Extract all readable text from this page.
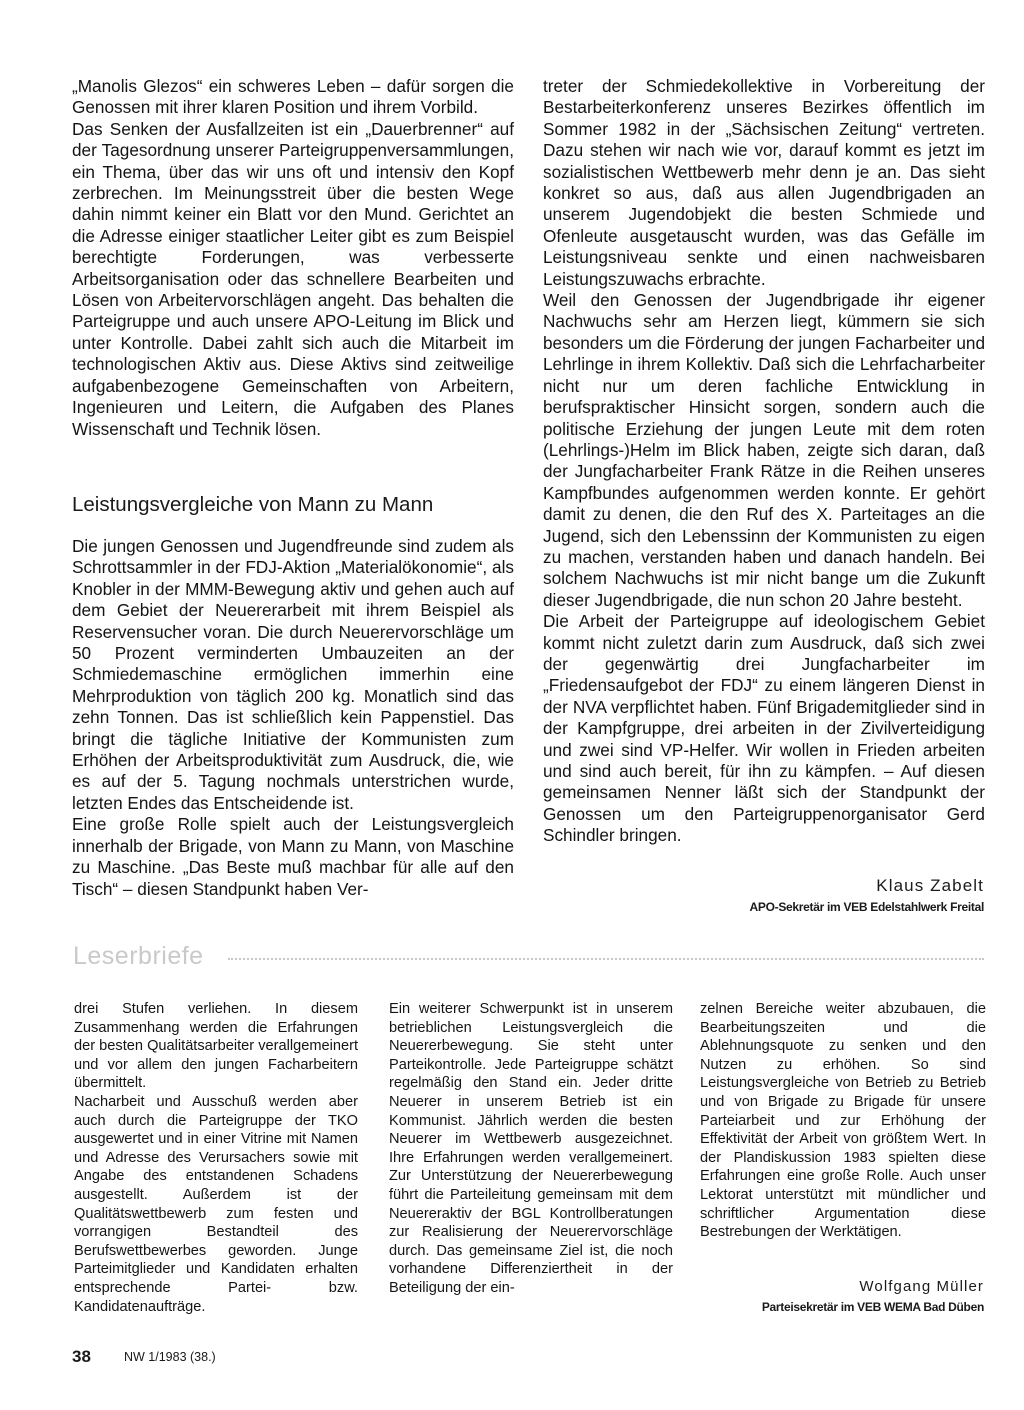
„Manolis Glezos“ ein schweres Leben – dafür sorgen die Genossen mit ihrer klaren Position und ihrem Vorbild.
Das Senken der Ausfallzeiten ist ein „Dauerbrenner“ auf der Tagesordnung unserer Parteigruppenversammlungen, ein Thema, über das wir uns oft und intensiv den Kopf zerbrechen. Im Meinungsstreit über die besten Wege dahin nimmt keiner ein Blatt vor den Mund. Gerichtet an die Adresse einiger staatlicher Leiter gibt es zum Beispiel berechtigte Forderungen, was verbesserte Arbeitsorganisation oder das schnellere Bearbeiten und Lösen von Arbeitervorschlägen angeht. Das behalten die Parteigruppe und auch unsere APO-Leitung im Blick und unter Kontrolle. Dabei zahlt sich auch die Mitarbeit im technologischen Aktiv aus. Diese Aktivs sind zeitweilige aufgabenbezogene Gemeinschaften von Arbeitern, Ingenieuren und Leitern, die Aufgaben des Planes Wissenschaft und Technik lösen.
Leistungsvergleiche von Mann zu Mann
Die jungen Genossen und Jugendfreunde sind zudem als Schrottsammler in der FDJ-Aktion „Materialökonomie“, als Knobler in der MMM-Bewegung aktiv und gehen auch auf dem Gebiet der Neuererarbeit mit ihrem Beispiel als Reservensucher voran. Die durch Neuerervorschläge um 50 Prozent verminderten Umbauzeiten an der Schmiedemaschine ermöglichen immerhin eine Mehrproduktion von täglich 200 kg. Monatlich sind das zehn Tonnen. Das ist schließlich kein Pappenstiel. Das bringt die tägliche Initiative der Kommunisten zum Erhöhen der Arbeitsproduktivität zum Ausdruck, die, wie es auf der 5. Tagung nochmals unterstrichen wurde, letzten Endes das Entscheidende ist.
Eine große Rolle spielt auch der Leistungsvergleich innerhalb der Brigade, von Mann zu Mann, von Maschine zu Maschine. „Das Beste muß machbar für alle auf den Tisch“ – diesen Standpunkt haben Ver-
treter der Schmiedekollektive in Vorbereitung der Bestarbeiterkonferenz unseres Bezirkes öffentlich im Sommer 1982 in der „Sächsischen Zeitung“ vertreten. Dazu stehen wir nach wie vor, darauf kommt es jetzt im sozialistischen Wettbewerb mehr denn je an. Das sieht konkret so aus, daß aus allen Jugendbrigaden an unserem Jugendobjekt die besten Schmiede und Ofenleute ausgetauscht wurden, was das Gefälle im Leistungsniveau senkte und einen nachweisbaren Leistungszuwachs erbrachte.
Weil den Genossen der Jugendbrigade ihr eigener Nachwuchs sehr am Herzen liegt, kümmern sie sich besonders um die Förderung der jungen Facharbeiter und Lehrlinge in ihrem Kollektiv. Daß sich die Lehrfacharbeiter nicht nur um deren fachliche Entwicklung in berufspraktischer Hinsicht sorgen, sondern auch die politische Erziehung der jungen Leute mit dem roten (Lehrlings-)Helm im Blick haben, zeigte sich daran, daß der Jungfacharbeiter Frank Rätze in die Reihen unseres Kampfbundes aufgenommen werden konnte. Er gehört damit zu denen, die den Ruf des X. Parteitages an die Jugend, sich den Lebenssinn der Kommunisten zu eigen zu machen, verstanden haben und danach handeln. Bei solchem Nachwuchs ist mir nicht bange um die Zukunft dieser Jugendbrigade, die nun schon 20 Jahre besteht.
Die Arbeit der Parteigruppe auf ideologischem Gebiet kommt nicht zuletzt darin zum Ausdruck, daß sich zwei der gegenwärtig drei Jungfacharbeiter im „Friedensaufgebot der FDJ“ zu einem längeren Dienst in der NVA verpflichtet haben. Fünf Brigademitglieder sind in der Kampfgruppe, drei arbeiten in der Zivilverteidigung und zwei sind VP-Helfer. Wir wollen in Frieden arbeiten und sind auch bereit, für ihn zu kämpfen. – Auf diesen gemeinsamen Nenner läßt sich der Standpunkt der Genossen um den Parteigruppenorganisator Gerd Schindler bringen.
Klaus Zabelt
APO-Sekretär im VEB Edelstahlwerk Freital
Leserbriefe
drei Stufen verliehen. In diesem Zusammenhang werden die Erfahrungen der besten Qualitätsarbeiter verallgemeinert und vor allem den jungen Facharbeitern übermittelt.
Nacharbeit und Ausschuß werden aber auch durch die Parteigruppe der TKO ausgewertet und in einer Vitrine mit Namen und Adresse des Verursachers sowie mit Angabe des entstandenen Schadens ausgestellt. Außerdem ist der Qualitätswettbewerb zum festen und vorrangigen Bestandteil des Berufswettbewerbes geworden. Junge Parteimitglieder und Kandidaten erhalten entsprechende Partei- bzw. Kandidatenaufträge.
Ein weiterer Schwerpunkt ist in unserem betrieblichen Leistungsvergleich die Neuererbewegung. Sie steht unter Parteikontrolle. Jede Parteigruppe schätzt regelmäßig den Stand ein. Jeder dritte Neuerer in unserem Betrieb ist ein Kommunist. Jährlich werden die besten Neuerer im Wettbewerb ausgezeichnet. Ihre Erfahrungen werden verallgemeinert. Zur Unterstützung der Neuererbewegung führt die Parteileitung gemeinsam mit dem Neuereraktiv der BGL Kontrollberatungen zur Realisierung der Neuerervorschläge durch. Das gemeinsame Ziel ist, die noch vorhandene Differenziertheit in der Beteiligung der ein-
zelnen Bereiche weiter abzubauen, die Bearbeitungszeiten und die Ablehnungsquote zu senken und den Nutzen zu erhöhen. So sind Leistungsvergleiche von Betrieb zu Betrieb und von Brigade zu Brigade für unsere Parteiarbeit und zur Erhöhung der Effektivität der Arbeit von größtem Wert. In der Plandiskussion 1983 spielten diese Erfahrungen eine große Rolle. Auch unser Lektorat unterstützt mit mündlicher und schriftlicher Argumentation diese Bestrebungen der Werktätigen.
Wolfgang Müller
Parteisekretär im VEB WEMA Bad Düben
38	NW 1/1983 (38.)
